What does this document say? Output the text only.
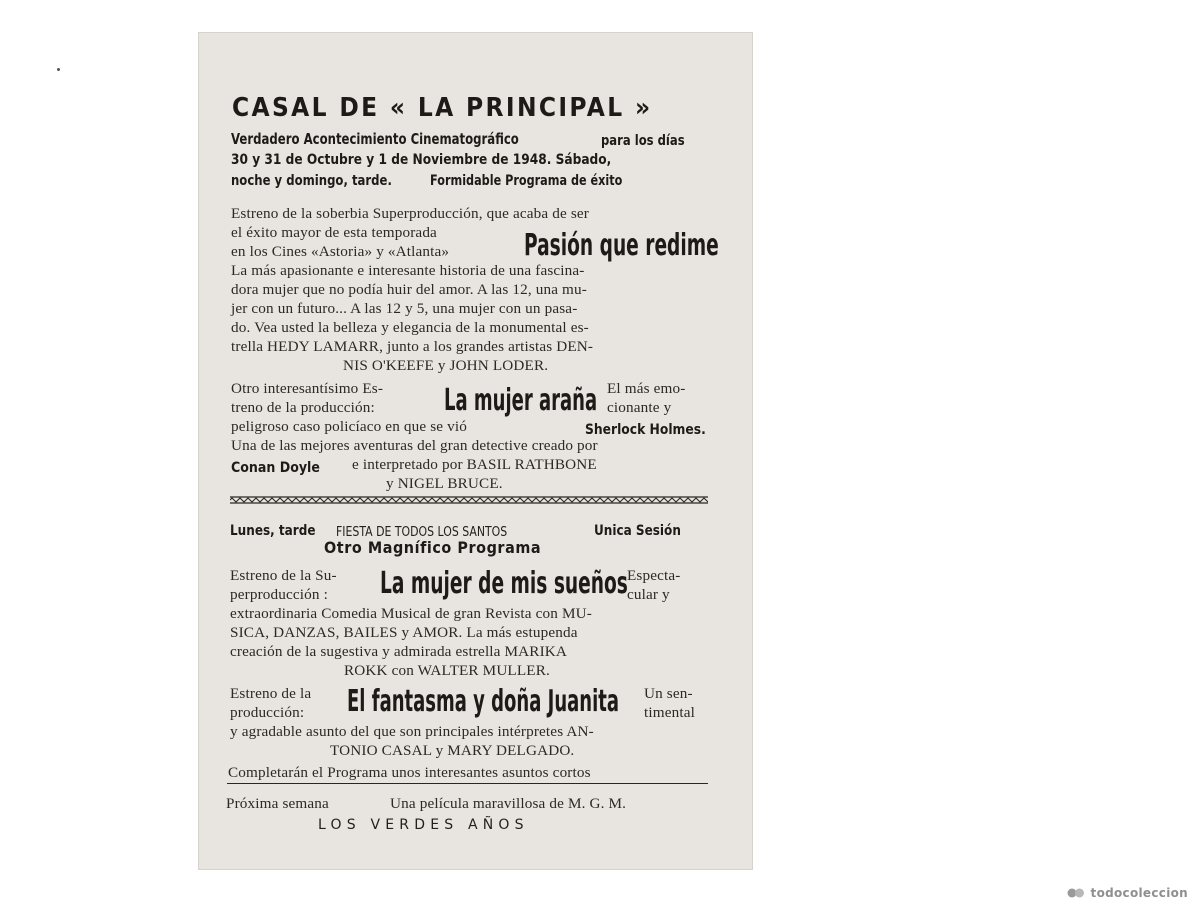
CASAL DE « LA PRINCIPAL »
Verdadero Acontecimiento Cinematográfico	para los días
30 y 31 de Octubre y 1 de Noviembre de 1948. Sábado,
noche y domingo, tarde.	Formidable Programa de éxito
Estreno de la soberbia Superproducción, que acaba de ser
el éxito mayor de esta temporada
en los Cines «Astoria» y «Atlanta» Pasión que redime
La más apasionante e interesante historia de una fascina-
dora mujer que no podía huir del amor. A las 12, una mu-
jer con un futuro... A las 12 y 5, una mujer con un pasa-
do. Vea usted la belleza y elegancia de la monumental es-
trella HEDY LAMARR, junto a los grandes artistas DEN-
NIS O'KEEFE y JOHN LODER.
Otro interesantísimo Es-
treno de la producción: La mujer araña El más emo-
cionante y
peligroso caso policíaco en que se vió	Sherlock Holmes.
Una de las mejores aventuras del gran detective creado por
Conan Doyle	e interpretado por BASIL RATHBONE
y NIGEL BRUCE.
Lunes, tarde	FIESTA DE TODOS LOS SANTOS	Unica Sesión
Otro Magnífico Programa
Estreno de la Su-
perproducción : La mujer de mis sueños Especta-
cular y
extraordinaria Comedia Musical de gran Revista con MU-
SICA, DANZAS, BAILES y AMOR. La más estupenda
creación de la sugestiva y admirada estrella MARIKA
ROKK con WALTER MULLER.
Estreno de la
producción: El fantasma y doña Juanita	Un sen-
timental
y agradable asunto del que son principales intérpretes AN-
TONIO CASAL y MARY DELGADO.
Completarán el Programa unos interesantes asuntos cortos
Próxima semana	Una película maravillosa de M. G. M.
LOS VERDES AÑOS
todocoleccion
